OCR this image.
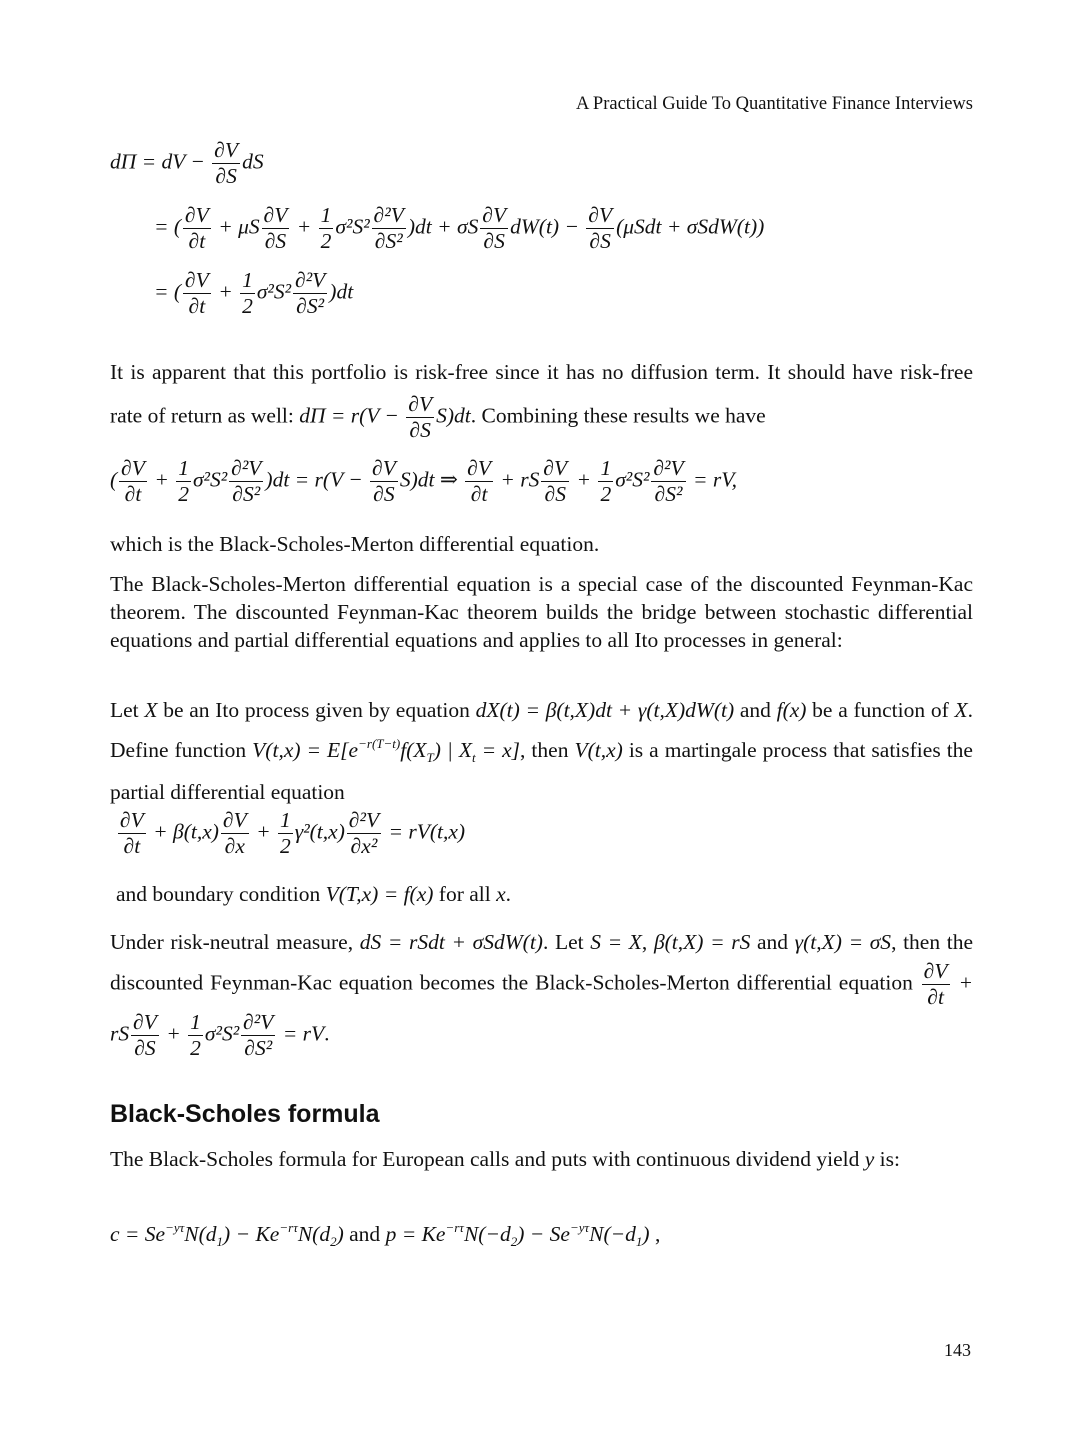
A Practical Guide To Quantitative Finance Interviews
dΠ = dV − $\frac{\partial V}{\partial S}$ dS
= ( $\frac{\partial V}{\partial t} + \mu S \frac{\partial V}{\partial S} + \frac{1}{2} \sigma^2S^2 \frac{\text{∂²V}}{\text{∂S²}} )dt + \sigma S \frac{\partial V}{\partial S} dW(t) - \frac{\partial V}{\partial S} (\mu Sdt + \sigma SdW(t))$
= ( $\frac{\partial V}{\partial t} + \frac{1}{2} \sigma^2S^2 \frac{\text{∂²V}}{\text{∂S²}} )dt$
It is apparent that this portfolio is risk-free since it has no diffusion term. It should have risk-free rate of return as well: $d\Pi = r(V - \frac{\partial V}{\partial S} S)dt$. Combining these results we have
( $\frac{\partial V}{\partial t} + \frac{1}{2} \sigma^2S^2 \frac{\text{∂²V}}{\text{∂S²}} )dt = r(V - \frac{\partial V}{\partial S} S)dt$ ⇒ $\frac{\partial V}{\partial t}$ + rS $\frac{\partial V}{\partial S} + \frac{1}{2} \sigma^2S^2 \frac{\text{∂²V}}{\text{∂S²}}$ = rV,
which is the Black-Scholes-Merton differential equation.
The Black-Scholes-Merton differential equation is a special case of the discounted Feynman-Kac theorem. The discounted Feynman-Kac theorem builds the bridge between stochastic differential equations and partial differential equations and applies to all Ito processes in general:
Let X be an Ito process given by equation dX(t) = β(t,X)dt + γ(t,X)dW(t) and f(x) be a function of X. Define function $V(t,x) = E[e^{-r(T-t)}f(X_T)$ | $X_t = x$], then V(t,x) is a martingale process that satisfies the partial differential equation
$\frac{\partial V}{\partial t} + \beta(t,x) \frac{\partial V}{\partial x} + \frac{1}{2} \gamma^2(t,x) \frac{\text{∂²V}}{\text{∂x²}} = rV(t,x)$
and boundary condition V(T,x) = f(x) for all x.
Under risk-neutral measure, dS = rSdt + σSdW(t). Let S = X, β(t,X) = rS and γ(t,X) = σS, then the discounted Feynman-Kac equation becomes the Black-Scholes-Merton differential equation $\frac{\partial V}{\partial t}$ + rS $\frac{\partial V}{\partial S} + \frac{1}{2} \sigma^2S^2 \frac{\text{∂²V}}{\text{∂S²}}$ = rV.
Black-Scholes formula
The Black-Scholes formula for European calls and puts with continuous dividend yield y is:
$c = Se^{-y\tau}N(d_1) - Ke^{-r\tau}N(d_2)$ and $p = Ke^{-r\tau}N(-d_2) - Se^{-y\tau}N(-d_1)$ ,
143
